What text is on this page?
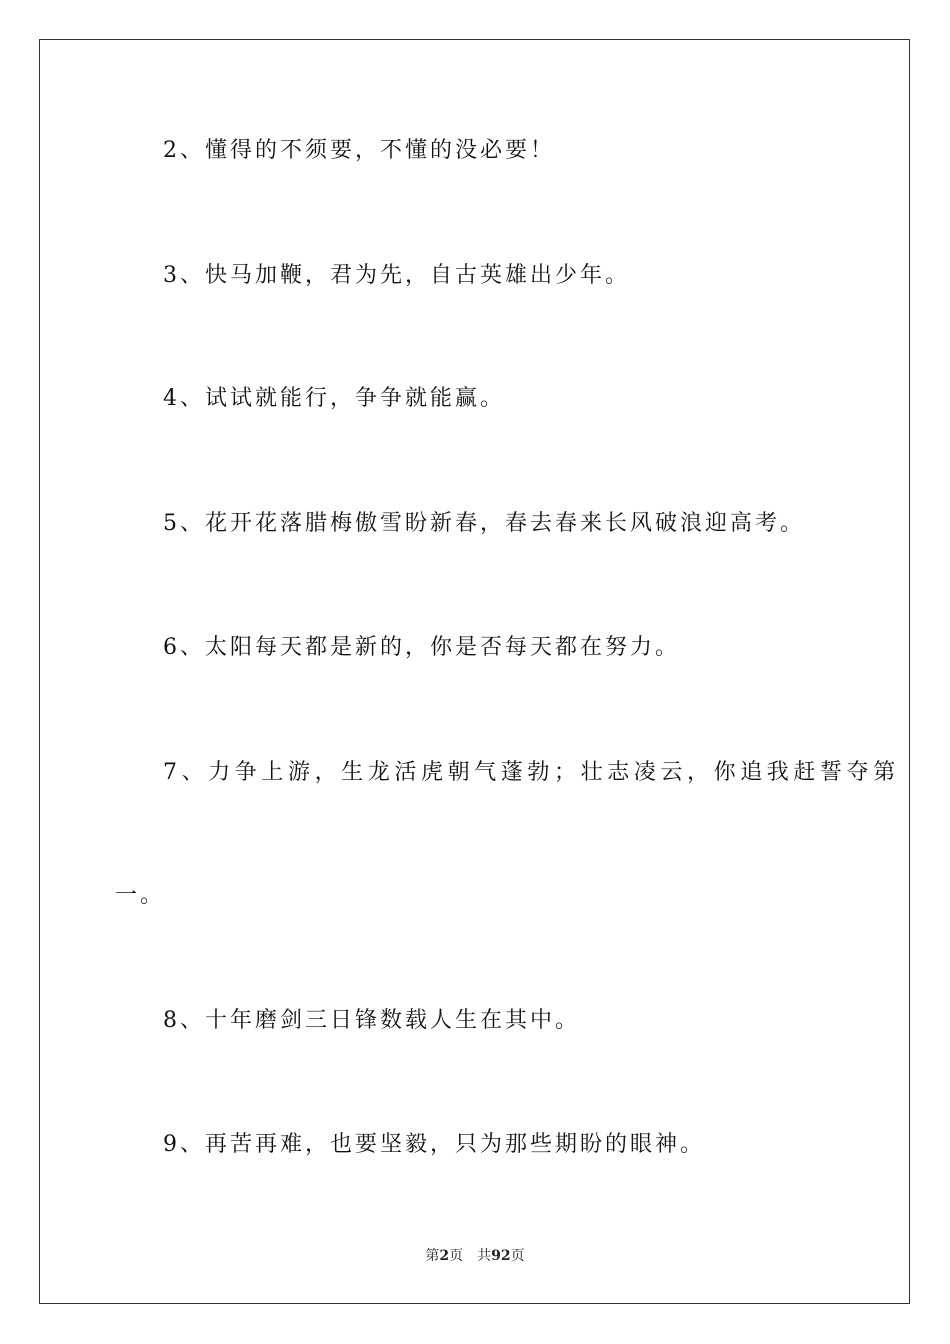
2、懂得的不须要，不懂的没必要！
3、快马加鞭，君为先，自古英雄出少年。
4、试试就能行，争争就能赢。
5、花开花落腊梅傲雪盼新春，春去春来长风破浪迎高考。
6、太阳每天都是新的，你是否每天都在努力。
7、力争上游，生龙活虎朝气蓬勃；壮志凌云，你追我赶誓夺第
一。
8、十年磨剑三日锋数载人生在其中。
9、再苦再难，也要坚毅，只为那些期盼的眼神。
第2页 共92页
